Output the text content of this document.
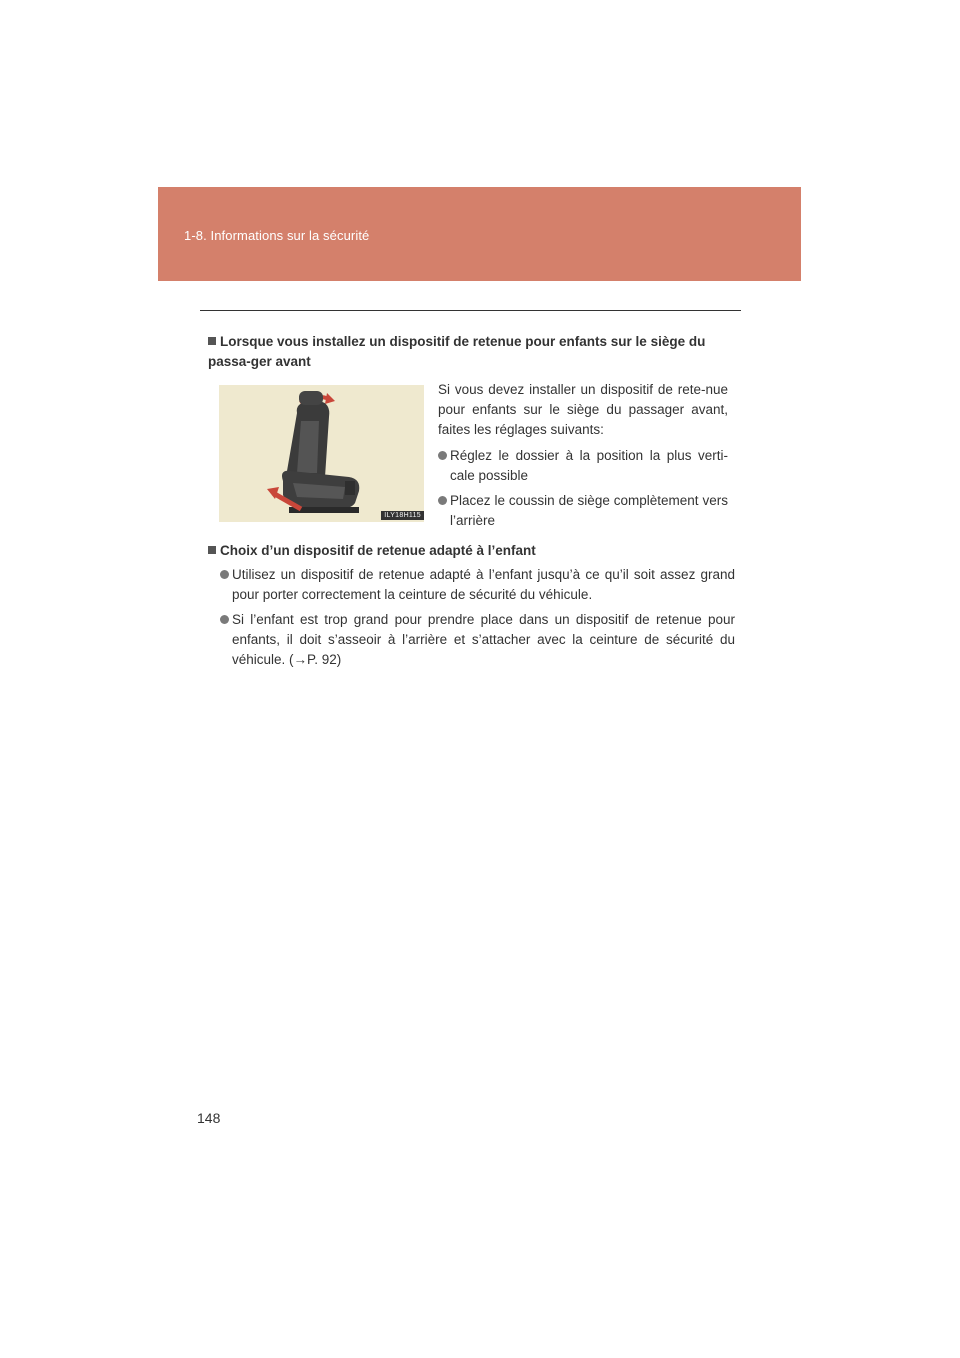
1-8. Informations sur la sécurité
Lorsque vous installez un dispositif de retenue pour enfants sur le siège du passa-ger avant
ILY18H115
Si vous devez installer un dispositif de rete-nue pour enfants sur le siège du passager avant, faites les réglages suivants:
Réglez le dossier à la position la plus verti-cale possible
Placez le coussin de siège complètement vers l’arrière
Choix d’un dispositif de retenue adapté à l’enfant
Utilisez un dispositif de retenue adapté à l’enfant jusqu’à ce qu’il soit assez grand pour porter correctement la ceinture de sécurité du véhicule.
Si l’enfant est trop grand pour prendre place dans un dispositif de retenue pour enfants, il doit s’asseoir à l’arrière et s’attacher avec la ceinture de sécurité du véhicule. (→P. 92)
148
